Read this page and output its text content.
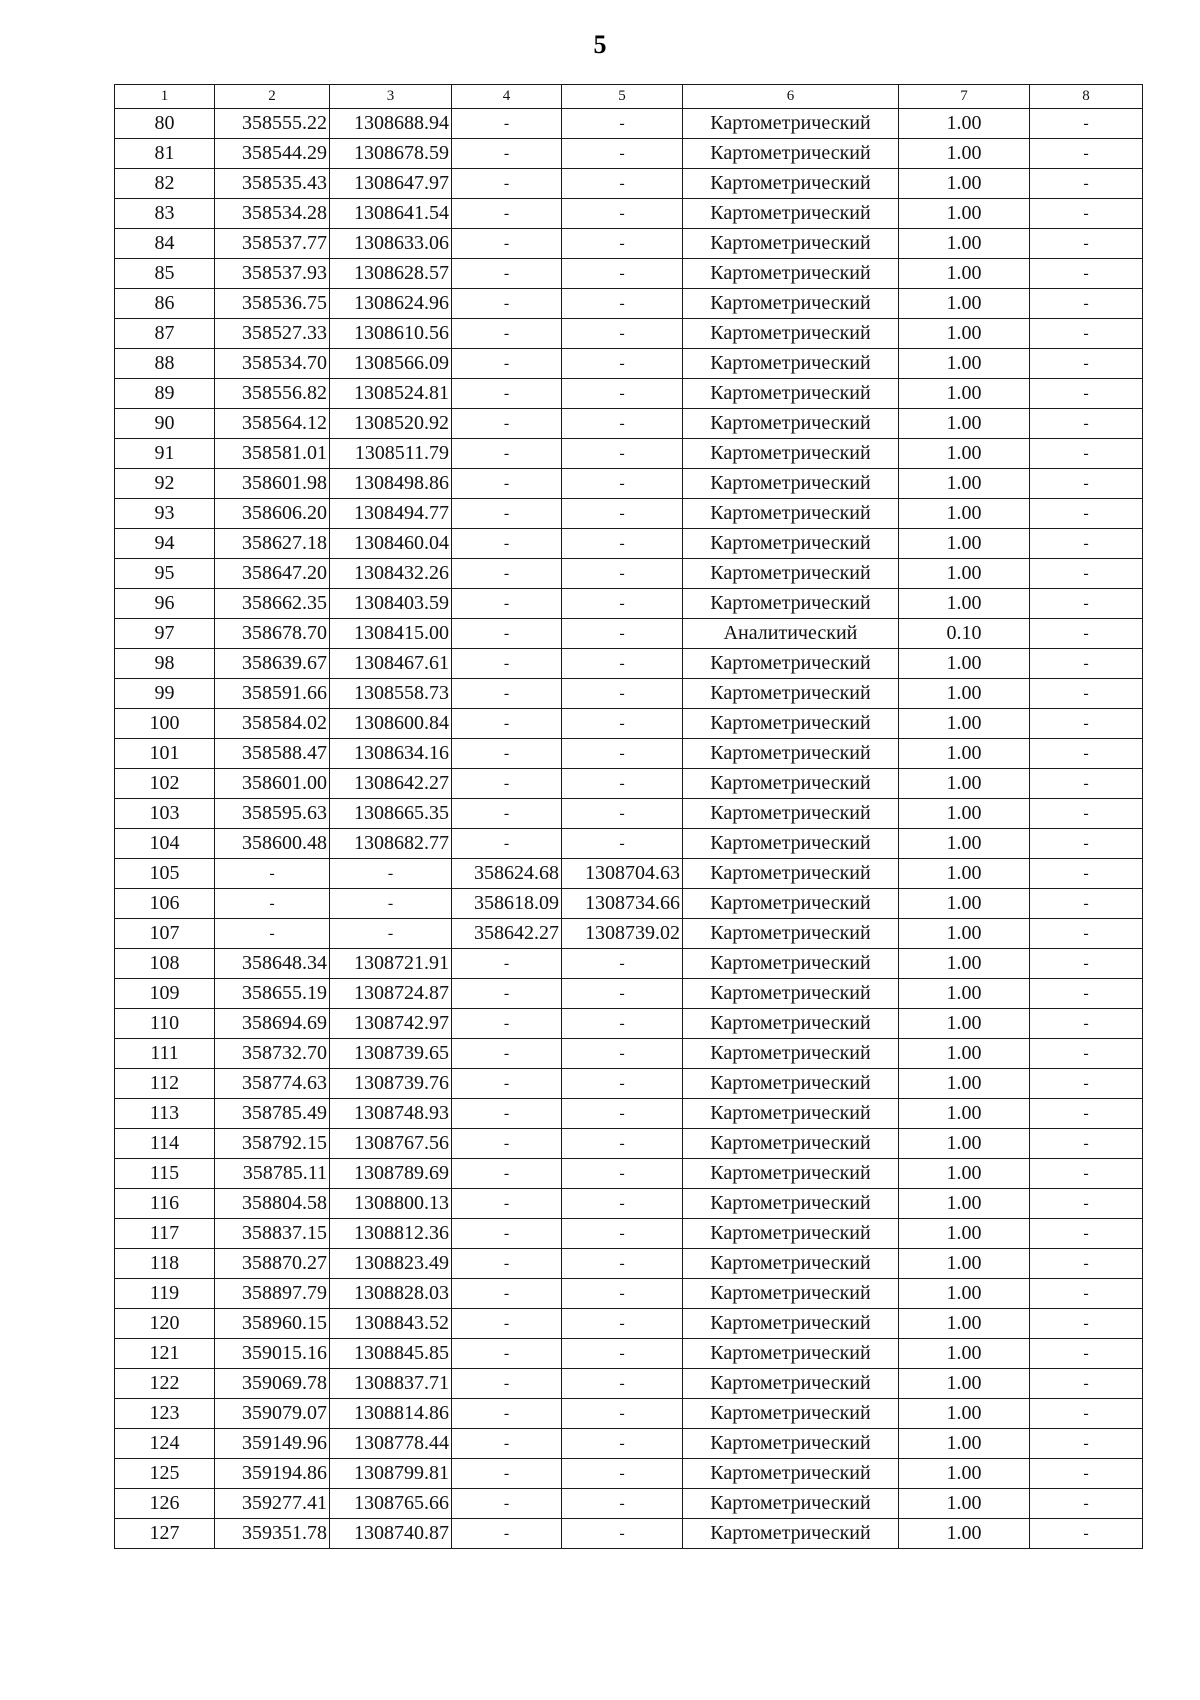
5
1	2	3	4	5	6	7	8
80	358555.22	1308688.94	-	-	Картометрический	1.00	-
81	358544.29	1308678.59	-	-	Картометрический	1.00	-
82	358535.43	1308647.97	-	-	Картометрический	1.00	-
83	358534.28	1308641.54	-	-	Картометрический	1.00	-
84	358537.77	1308633.06	-	-	Картометрический	1.00	-
85	358537.93	1308628.57	-	-	Картометрический	1.00	-
86	358536.75	1308624.96	-	-	Картометрический	1.00	-
87	358527.33	1308610.56	-	-	Картометрический	1.00	-
88	358534.70	1308566.09	-	-	Картометрический	1.00	-
89	358556.82	1308524.81	-	-	Картометрический	1.00	-
90	358564.12	1308520.92	-	-	Картометрический	1.00	-
91	358581.01	1308511.79	-	-	Картометрический	1.00	-
92	358601.98	1308498.86	-	-	Картометрический	1.00	-
93	358606.20	1308494.77	-	-	Картометрический	1.00	-
94	358627.18	1308460.04	-	-	Картометрический	1.00	-
95	358647.20	1308432.26	-	-	Картометрический	1.00	-
96	358662.35	1308403.59	-	-	Картометрический	1.00	-
97	358678.70	1308415.00	-	-	Аналитический	0.10	-
98	358639.67	1308467.61	-	-	Картометрический	1.00	-
99	358591.66	1308558.73	-	-	Картометрический	1.00	-
100	358584.02	1308600.84	-	-	Картометрический	1.00	-
101	358588.47	1308634.16	-	-	Картометрический	1.00	-
102	358601.00	1308642.27	-	-	Картометрический	1.00	-
103	358595.63	1308665.35	-	-	Картометрический	1.00	-
104	358600.48	1308682.77	-	-	Картометрический	1.00	-
105	-	-	358624.68	1308704.63	Картометрический	1.00	-
106	-	-	358618.09	1308734.66	Картометрический	1.00	-
107	-	-	358642.27	1308739.02	Картометрический	1.00	-
108	358648.34	1308721.91	-	-	Картометрический	1.00	-
109	358655.19	1308724.87	-	-	Картометрический	1.00	-
110	358694.69	1308742.97	-	-	Картометрический	1.00	-
111	358732.70	1308739.65	-	-	Картометрический	1.00	-
112	358774.63	1308739.76	-	-	Картометрический	1.00	-
113	358785.49	1308748.93	-	-	Картометрический	1.00	-
114	358792.15	1308767.56	-	-	Картометрический	1.00	-
115	358785.11	1308789.69	-	-	Картометрический	1.00	-
116	358804.58	1308800.13	-	-	Картометрический	1.00	-
117	358837.15	1308812.36	-	-	Картометрический	1.00	-
118	358870.27	1308823.49	-	-	Картометрический	1.00	-
119	358897.79	1308828.03	-	-	Картометрический	1.00	-
120	358960.15	1308843.52	-	-	Картометрический	1.00	-
121	359015.16	1308845.85	-	-	Картометрический	1.00	-
122	359069.78	1308837.71	-	-	Картометрический	1.00	-
123	359079.07	1308814.86	-	-	Картометрический	1.00	-
124	359149.96	1308778.44	-	-	Картометрический	1.00	-
125	359194.86	1308799.81	-	-	Картометрический	1.00	-
126	359277.41	1308765.66	-	-	Картометрический	1.00	-
127	359351.78	1308740.87	-	-	Картометрический	1.00	-
